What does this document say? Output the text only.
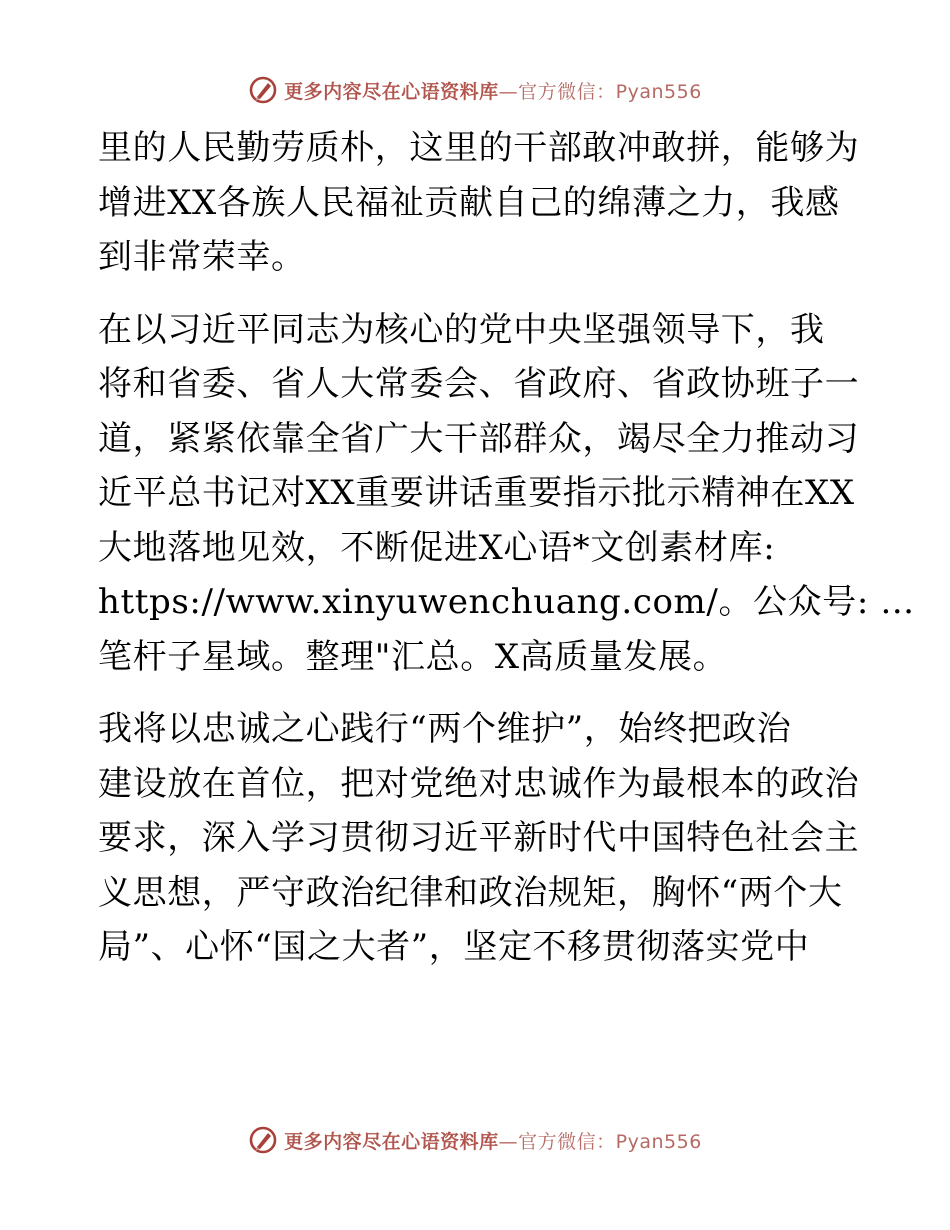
更多内容尽在心语资料库—官方微信：Pyan556
里的人民勤劳质朴，这里的干部敢冲敢拼，能够为
增进XX各族人民福祉贡献自己的绵薄之力，我感
到非常荣幸。
在以习近平同志为核心的党中央坚强领导下，我
将和省委、省人大常委会、省政府、省政协班子一
道，紧紧依靠全省广大干部群众，竭尽全力推动习
近平总书记对XX重要讲话重要指示批示精神在XX
大地落地见效，不断促进X心语*文创素材库:
https://www.xinyuwenchuang.com/。公众号: …
笔杆子星域。整理"汇总。X高质量发展。
我将以忠诚之心践行“两个维护”，始终把政治
建设放在首位，把对党绝对忠诚作为最根本的政治
要求，深入学习贯彻习近平新时代中国特色社会主
义思想，严守政治纪律和政治规矩，胸怀“两个大
局”、心怀“国之大者”，坚定不移贯彻落实党中
更多内容尽在心语资料库—官方微信：Pyan556
